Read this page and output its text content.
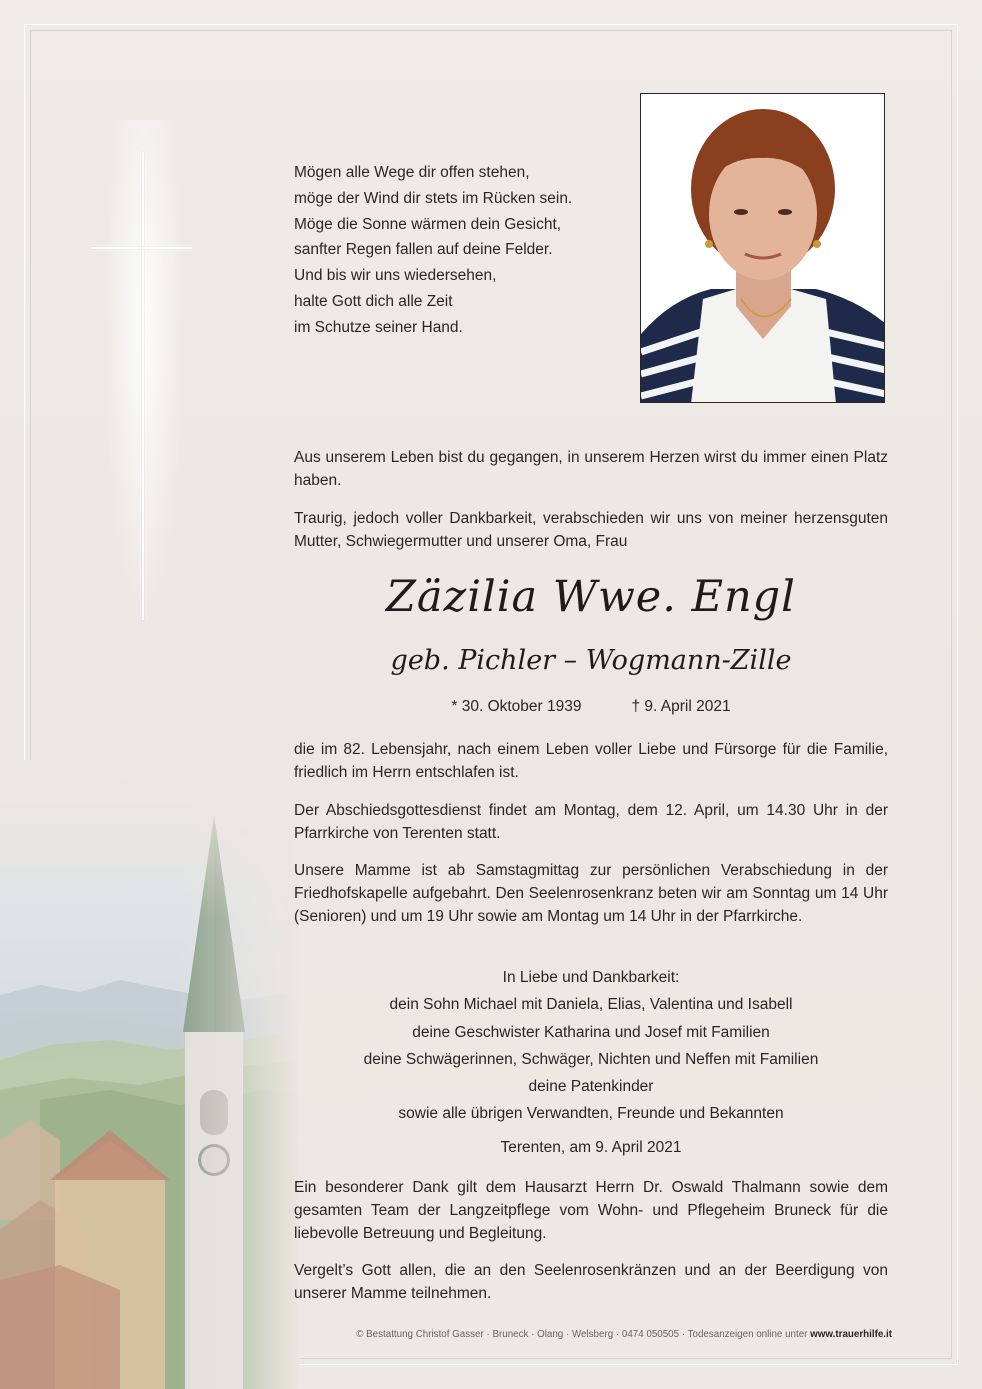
Mögen alle Wege dir offen stehen,
möge der Wind dir stets im Rücken sein.
Möge die Sonne wärmen dein Gesicht,
sanfter Regen fallen auf deine Felder.
Und bis wir uns wiedersehen,
halte Gott dich alle Zeit
im Schutze seiner Hand.

Aus unserem Leben bist du gegangen, in unserem Herzen wirst du immer einen Platz haben.

Traurig, jedoch voller Dankbarkeit, verabschieden wir uns von meiner herzensguten Mutter, Schwiegermutter und unserer Oma, Frau

Zäzilia Wwe. Engl
geb. Pichler – Wogmann-Zille
* 30. Oktober 1939	† 9. April 2021

die im 82. Lebensjahr, nach einem Leben voller Liebe und Fürsorge für die Familie, friedlich im Herrn entschlafen ist.

Der Abschiedsgottesdienst findet am Montag, dem 12. April, um 14.30 Uhr in der Pfarrkirche von Terenten statt.

Unsere Mamme ist ab Samstagmittag zur persönlichen Verabschiedung in der Friedhofskapelle aufgebahrt. Den Seelenrosenkranz beten wir am Sonntag um 14 Uhr (Senioren) und um 19 Uhr sowie am Montag um 14 Uhr in der Pfarrkirche.

In Liebe und Dankbarkeit:
dein Sohn Michael mit Daniela, Elias, Valentina und Isabell
deine Geschwister Katharina und Josef mit Familien
deine Schwägerinnen, Schwäger, Nichten und Neffen mit Familien
deine Patenkinder
sowie alle übrigen Verwandten, Freunde und Bekannten
Terenten, am 9. April 2021

Ein besonderer Dank gilt dem Hausarzt Herrn Dr. Oswald Thalmann sowie dem gesamten Team der Langzeitpflege vom Wohn- und Pflegeheim Bruneck für die liebevolle Betreuung und Begleitung.

Vergelt’s Gott allen, die an den Seelenrosenkränzen und an der Beerdigung von unserer Mamme teilnehmen.

© Bestattung Christof Gasser · Bruneck · Olang · Welsberg · 0474 050505 · Todesanzeigen online unter www.trauerhilfe.it
